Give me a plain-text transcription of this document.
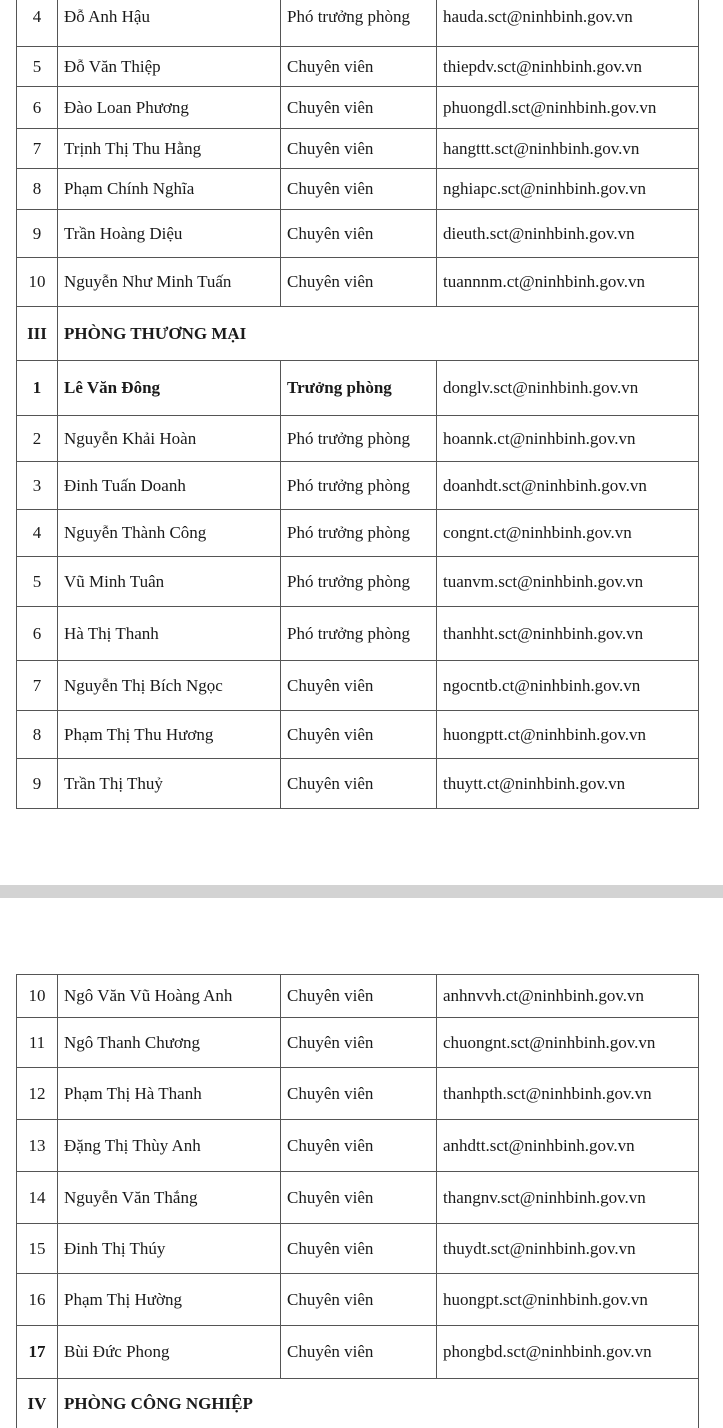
4	Đỗ Anh Hậu	Phó trưởng phòng	hauda.sct@ninhbinh.gov.vn
5	Đỗ Văn Thiệp	Chuyên viên	thiepdv.sct@ninhbinh.gov.vn
6	Đào Loan Phương	Chuyên viên	phuongdl.sct@ninhbinh.gov.vn
7	Trịnh Thị Thu Hằng	Chuyên viên	hangttt.sct@ninhbinh.gov.vn
8	Phạm Chính Nghĩa	Chuyên viên	nghiapc.sct@ninhbinh.gov.vn
9	Trần Hoàng Diệu	Chuyên viên	dieuth.sct@ninhbinh.gov.vn
10	Nguyễn Như Minh Tuấn	Chuyên viên	tuannnm.ct@ninhbinh.gov.vn
III	PHÒNG THƯƠNG MẠI		
1	Lê Văn Đông	Trưởng phòng	donglv.sct@ninhbinh.gov.vn
2	Nguyễn Khải Hoàn	Phó trưởng phòng	hoannk.ct@ninhbinh.gov.vn
3	Đinh Tuấn Doanh	Phó trưởng phòng	doanhdt.sct@ninhbinh.gov.vn
4	Nguyễn Thành Công	Phó trưởng phòng	congnt.ct@ninhbinh.gov.vn
5	Vũ Minh Tuân	Phó trưởng phòng	tuanvm.sct@ninhbinh.gov.vn
6	Hà Thị Thanh	Phó trưởng phòng	thanhht.sct@ninhbinh.gov.vn
7	Nguyễn Thị Bích Ngọc	Chuyên viên	ngocntb.ct@ninhbinh.gov.vn
8	Phạm Thị Thu Hương	Chuyên viên	huongptt.ct@ninhbinh.gov.vn
9	Trần Thị Thuỷ	Chuyên viên	thuytt.ct@ninhbinh.gov.vn
10	Ngô Văn Vũ Hoàng Anh	Chuyên viên	anhnvvh.ct@ninhbinh.gov.vn
11	Ngô Thanh Chương	Chuyên viên	chuongnt.sct@ninhbinh.gov.vn
12	Phạm Thị Hà Thanh	Chuyên viên	thanhpth.sct@ninhbinh.gov.vn
13	Đặng Thị Thùy Anh	Chuyên viên	anhdtt.sct@ninhbinh.gov.vn
14	Nguyễn Văn Thắng	Chuyên viên	thangnv.sct@ninhbinh.gov.vn
15	Đinh Thị Thúy	Chuyên viên	thuydt.sct@ninhbinh.gov.vn
16	Phạm Thị Hường	Chuyên viên	huongpt.sct@ninhbinh.gov.vn
17	Bùi Đức Phong	Chuyên viên	phongbd.sct@ninhbinh.gov.vn
IV	PHÒNG CÔNG NGHIỆP		
